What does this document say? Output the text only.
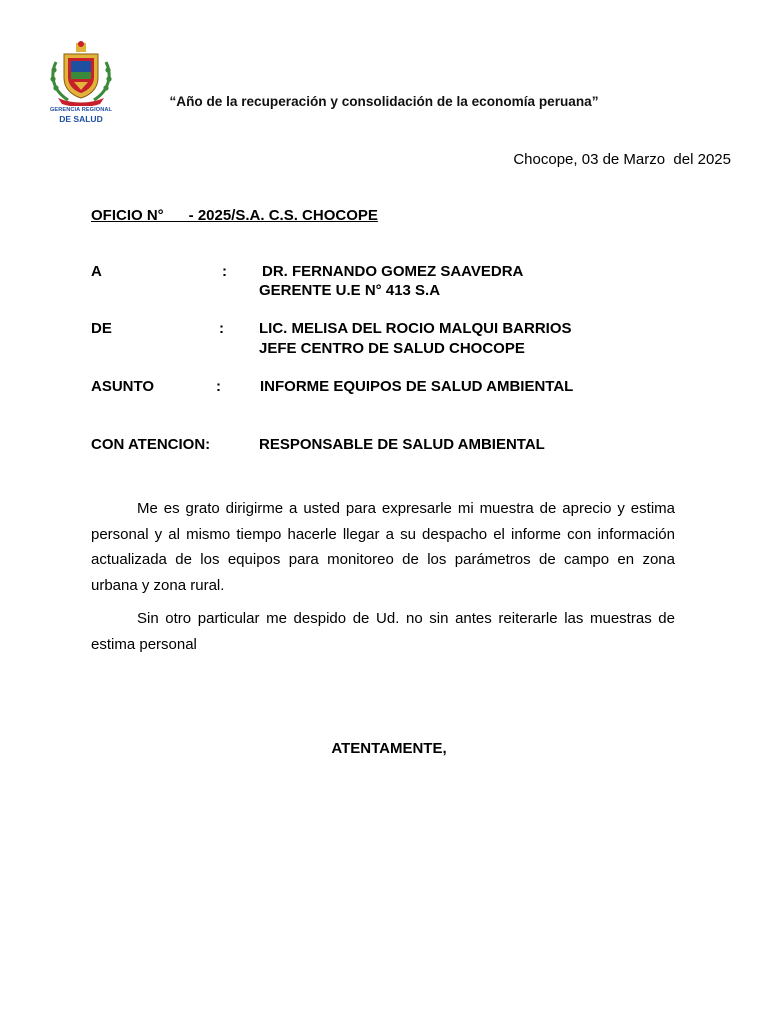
GERENCIA REGIONAL
DE SALUD
“Año de la recuperación y consolidación de la economía peruana”
Chocope, 03 de Marzo  del 2025
OFICIO N°      - 2025/S.A. C.S. CHOCOPE
A	: DR. FERNANDO GOMEZ SAAVEDRA
GERENTE U.E N° 413 S.A
DE	: LIC. MELISA DEL ROCIO MALQUI BARRIOS
JEFE CENTRO DE SALUD CHOCOPE
ASUNTO	:	INFORME EQUIPOS DE SALUD AMBIENTAL
CON ATENCION:	RESPONSABLE DE SALUD AMBIENTAL

Me es grato dirigirme a usted para expresarle mi muestra de aprecio y estima personal y al mismo tiempo hacerle llegar a su despacho el informe con información actualizada de los equipos para monitoreo de los parámetros de campo en zona urbana y zona rural.

Sin otro particular me despido de Ud. no sin antes reiterarle las muestras de estima personal

ATENTAMENTE,
